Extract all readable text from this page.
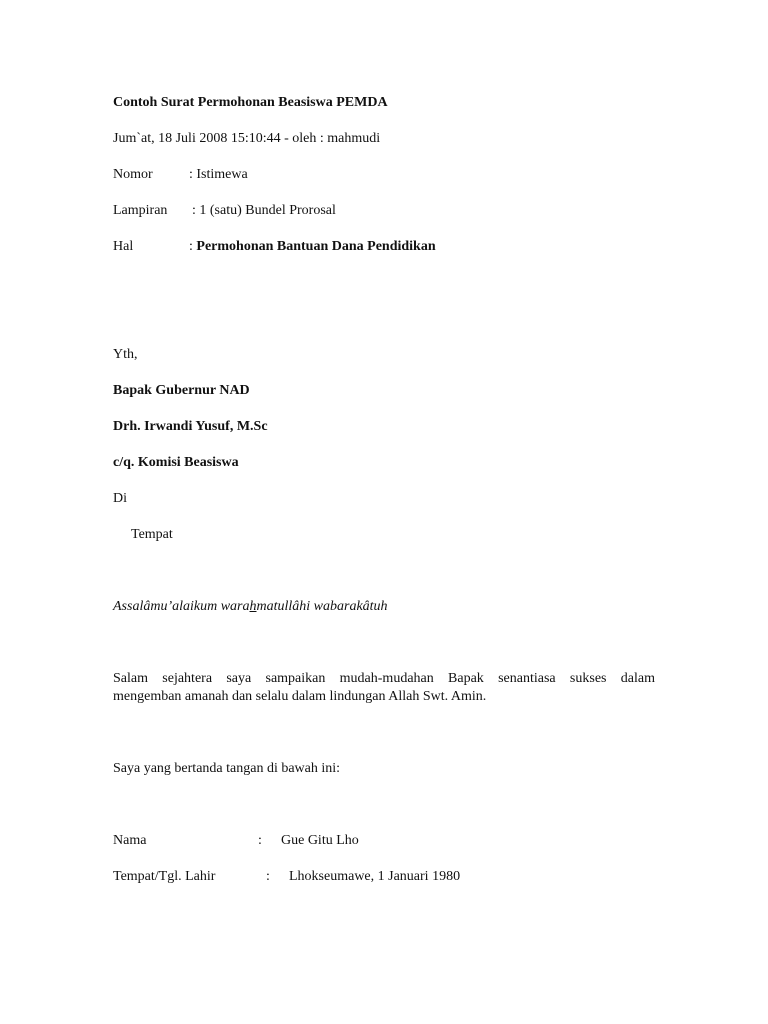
Contoh Surat Permohonan Beasiswa PEMDA
Jum`at, 18 Juli 2008 15:10:44 - oleh : mahmudi
Nomor	: Istimewa
Lampiran : 1 (satu) Bundel Prorosal
Hal	: Permohonan Bantuan Dana Pendidikan
Yth,
Bapak Gubernur NAD
Drh. Irwandi Yusuf, M.Sc
c/q. Komisi Beasiswa
Di
Tempat
Assalâmu’alaikum warahmatullâhi wabarakâtuh
Salam sejahtera saya sampaikan mudah-mudahan Bapak senantiasa sukses dalam
mengemban amanah dan selalu dalam lindungan Allah Swt. Amin.
Saya yang bertanda tangan di bawah ini:
Nama	: Gue Gitu Lho
Tempat/Tgl. Lahir	: Lhokseumawe, 1 Januari 1980
